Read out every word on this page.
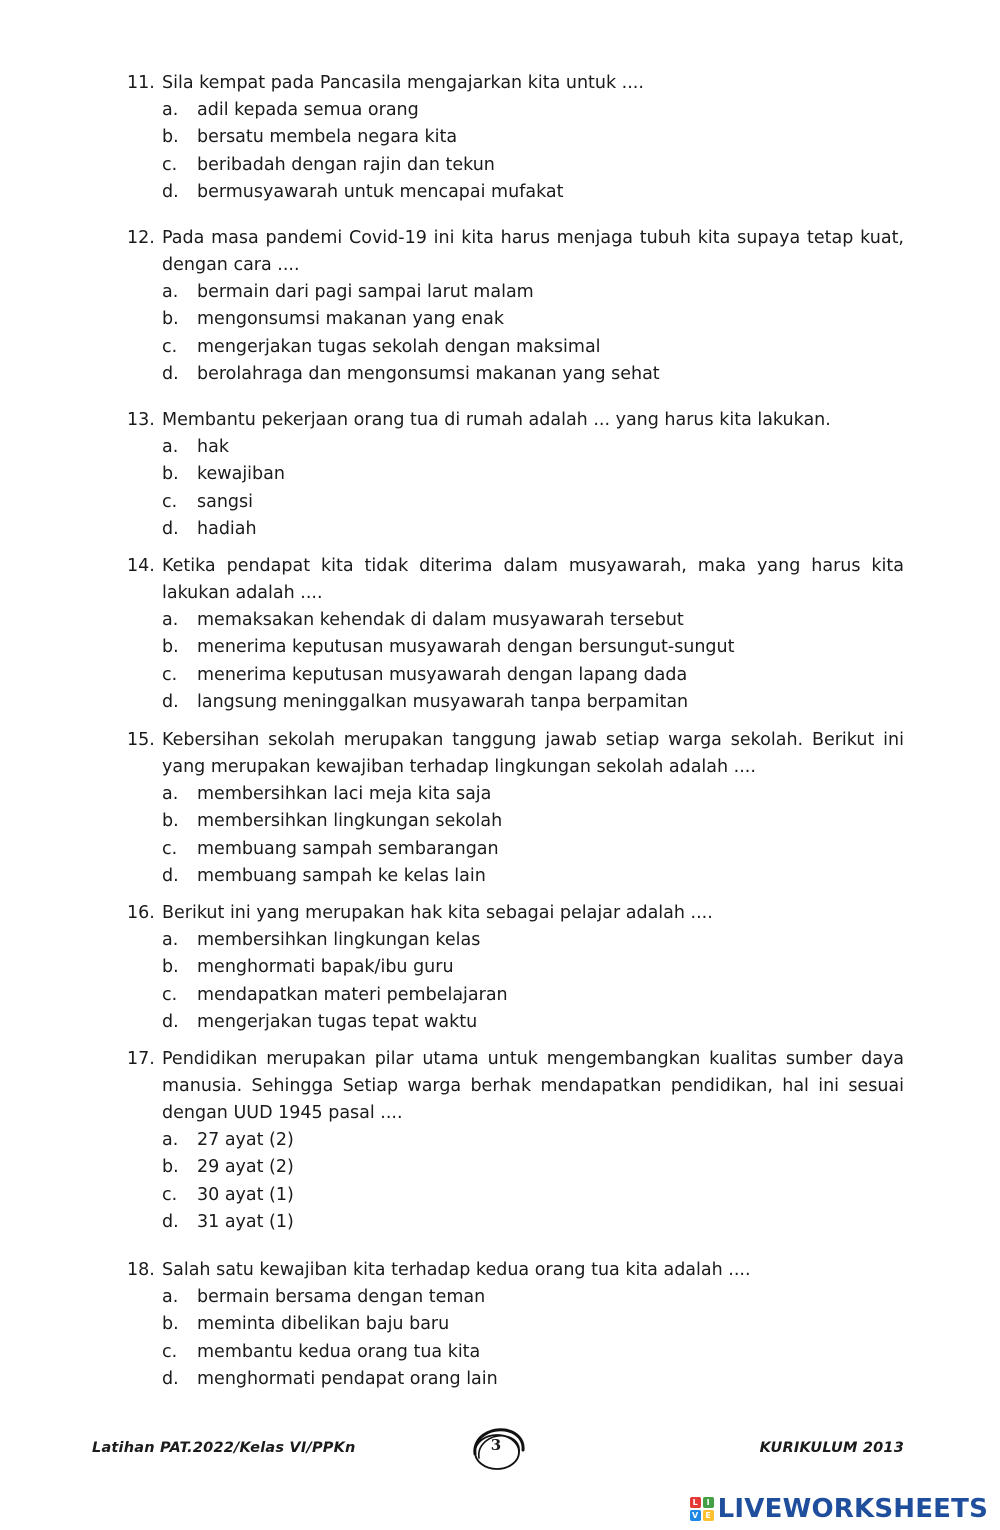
11. Sila kempat pada Pancasila mengajarkan kita untuk ....
a. adil kepada semua orang
b. bersatu membela negara kita
c. beribadah dengan rajin dan tekun
d. bermusyawarah untuk mencapai mufakat
12. Pada masa pandemi Covid-19 ini kita harus menjaga tubuh kita supaya tetap kuat, dengan cara ....
a. bermain dari pagi sampai larut malam
b. mengonsumsi makanan yang enak
c. mengerjakan tugas sekolah dengan maksimal
d. berolahraga dan mengonsumsi makanan yang sehat
13. Membantu pekerjaan orang tua di rumah adalah ... yang harus kita lakukan.
a. hak
b. kewajiban
c. sangsi
d. hadiah
14. Ketika pendapat kita tidak diterima dalam musyawarah, maka yang harus kita lakukan adalah ....
a. memaksakan kehendak di dalam musyawarah tersebut
b. menerima keputusan musyawarah dengan bersungut-sungut
c. menerima keputusan musyawarah dengan lapang dada
d. langsung meninggalkan musyawarah tanpa berpamitan
15. Kebersihan sekolah merupakan tanggung jawab setiap warga sekolah. Berikut ini yang merupakan kewajiban terhadap lingkungan sekolah adalah ....
a. membersihkan laci meja kita saja
b. membersihkan lingkungan sekolah
c. membuang sampah sembarangan
d. membuang sampah ke kelas lain
16. Berikut ini yang merupakan hak kita sebagai pelajar adalah ....
a. membersihkan lingkungan kelas
b. menghormati bapak/ibu guru
c. mendapatkan materi pembelajaran
d. mengerjakan tugas tepat waktu
17. Pendidikan merupakan pilar utama untuk mengembangkan kualitas sumber daya manusia. Sehingga Setiap warga berhak mendapatkan pendidikan, hal ini sesuai dengan UUD 1945 pasal ....
a. 27 ayat (2)
b. 29 ayat (2)
c. 30 ayat (1)
d. 31 ayat (1)
18. Salah satu kewajiban kita terhadap kedua orang tua kita adalah ....
a. bermain bersama dengan teman
b. meminta dibelikan baju baru
c. membantu kedua orang tua kita
d. menghormati pendapat orang lain
Latihan PAT.2022/Kelas VI/PPKn	3	KURIKULUM 2013
L	I
V E LIVEWORKSHEETS
